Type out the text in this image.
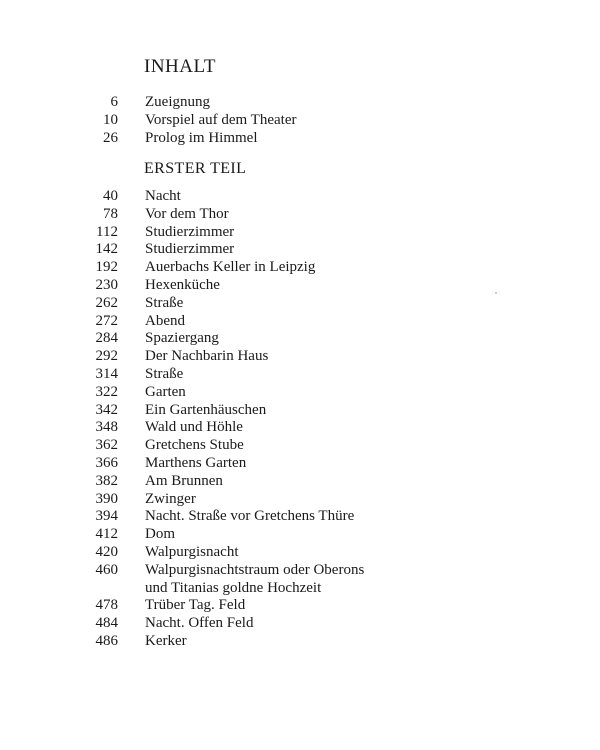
INHALT
6 Zueignung
10 Vorspiel auf dem Theater
26 Prolog im Himmel
ERSTER TEIL
40 Nacht
78 Vor dem Thor
112 Studierzimmer
142 Studierzimmer
192 Auerbachs Keller in Leipzig
230 Hexenküche
262 Straße
272 Abend
284 Spaziergang
292 Der Nachbarin Haus
314 Straße
322 Garten
342 Ein Gartenhäuschen
348 Wald und Höhle
362 Gretchens Stube
366 Marthens Garten
382 Am Brunnen
390 Zwinger
394 Nacht. Straße vor Gretchens Thüre
412 Dom
420 Walpurgisnacht
460 Walpurgisnachtstraum oder Oberons
und Titanias goldne Hochzeit
478 Trüber Tag. Feld
484 Nacht. Offen Feld
486 Kerker
